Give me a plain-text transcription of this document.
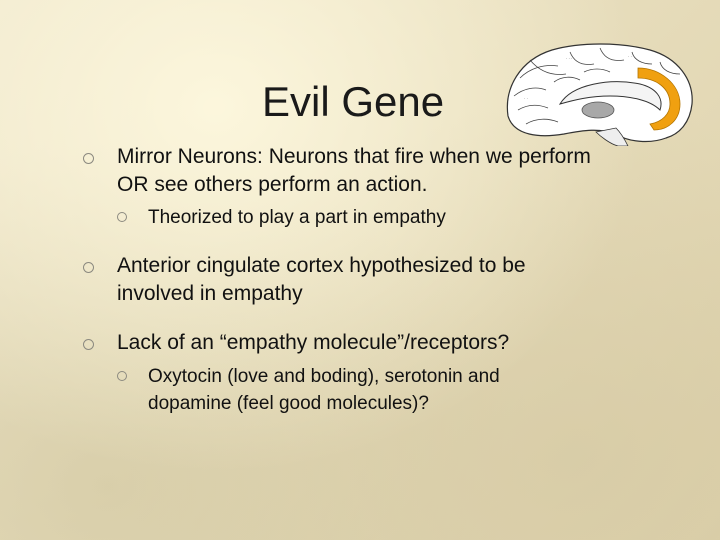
Evil Gene
· · ·	· ·
· ·
Mirror Neurons: Neurons that fire when we perform OR see others perform an action.
Theorized to play a part in empathy
Anterior cingulate cortex hypothesized to be involved in empathy
Lack of an “empathy molecule”/receptors?
Oxytocin (love and boding), serotonin and dopamine (feel good molecules)?
